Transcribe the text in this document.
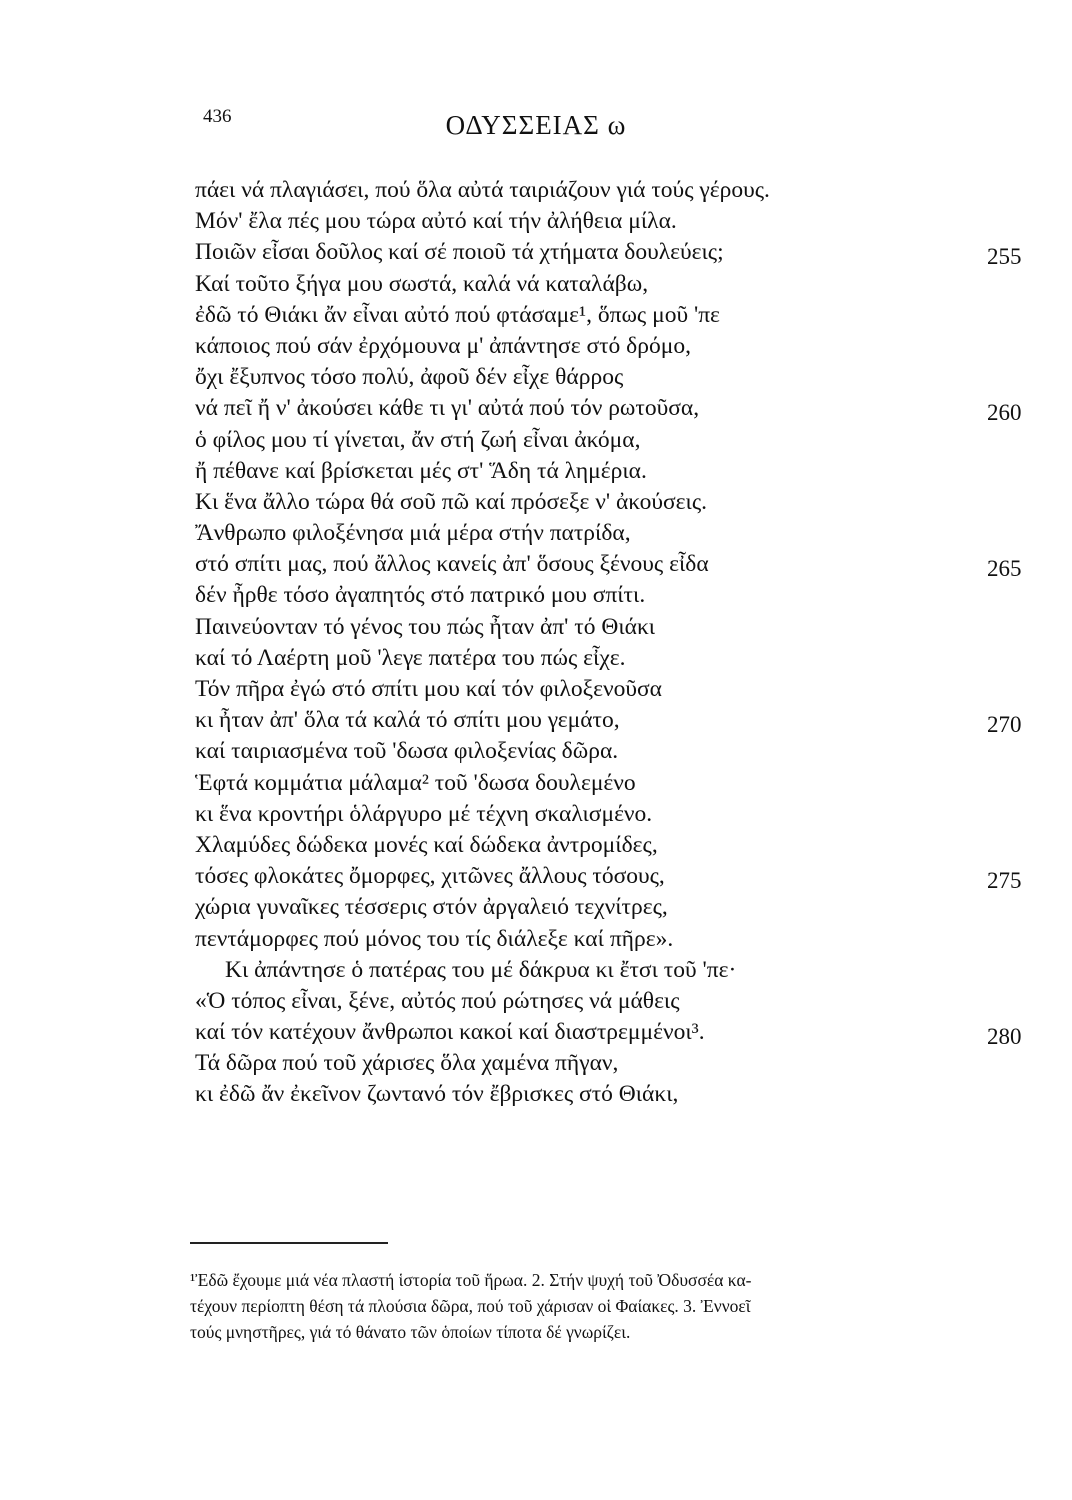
436	ΟΔΥΣΣΕΙΑΣ ω
πάει νά πλαγιάσει, πού ὅλα αὐτά ταιριάζουν γιά τούς γέρους.
Μόν' ἔλα πές μου τώρα αὐτό καί τήν ἀλήθεια μίλα.
Ποιῶν εἶσαι δοῦλος καί σέ ποιοῦ τά χτήματα δουλεύεις;	255
Καί τοῦτο ξήγα μου σωστά, καλά νά καταλάβω,
ἐδῶ τό Θιάκι ἄν εἶναι αὐτό πού φτάσαμε¹, ὅπως μοῦ 'πε
κάποιος πού σάν ἐρχόμουνα μ' ἀπάντησε στό δρόμο,
ὄχι ἔξυπνος τόσο πολύ, ἀφοῦ δέν εἶχε θάρρος
νά πεῖ ἤ ν' ἀκούσει κάθε τι γι' αὐτά πού τόν ρωτοῦσα,	260
ὁ φίλος μου τί γίνεται, ἄν στή ζωή εἶναι ἀκόμα,
ἤ πέθανε καί βρίσκεται μές στ' Ἅδη τά λημέρια.
Κι ἕνα ἄλλο τώρα θά σοῦ πῶ καί πρόσεξε ν' ἀκούσεις.
Ἄνθρωπο φιλοξένησα μιά μέρα στήν πατρίδα,
στό σπίτι μας, πού ἄλλος κανείς ἀπ' ὅσους ξένους εἶδα	265
δέν ἦρθε τόσο ἀγαπητός στό πατρικό μου σπίτι.
Παινεύονταν τό γένος του πώς ἦταν ἀπ' τό Θιάκι
καί τό Λαέρτη μοῦ 'λεγε πατέρα του πώς εἶχε.
Τόν πῆρα ἐγώ στό σπίτι μου καί τόν φιλοξενοῦσα
κι ἦταν ἀπ' ὅλα τά καλά τό σπίτι μου γεμάτο,	270
καί ταιριασμένα τοῦ 'δωσα φιλοξενίας δῶρα.
Ἑφτά κομμάτια μάλαμα² τοῦ 'δωσα δουλεμένο
κι ἕνα κροντήρι ὁλάργυρο μέ τέχνη σκαλισμένο.
Χλαμύδες δώδεκα μονές καί δώδεκα ἀντρομίδες,
τόσες φλοκάτες ὄμορφες, χιτῶνες ἄλλους τόσους,	275
χώρια γυναῖκες τέσσερις στόν ἀργαλειό τεχνίτρες,
πεντάμορφες πού μόνος του τίς διάλεξε καί πῆρε».
Κι ἀπάντησε ὁ πατέρας του μέ δάκρυα κι ἔτσι τοῦ 'πε·
«Ὁ τόπος εἶναι, ξένε, αὐτός πού ρώτησες νά μάθεις
καί τόν κατέχουν ἄνθρωποι κακοί καί διαστρεμμένοι³.	280
Τά δῶρα πού τοῦ χάρισες ὅλα χαμένα πῆγαν,
κι ἐδῶ ἄν ἐκεῖνον ζωντανό τόν ἔβρισκες στό Θιάκι,
¹Ἐδῶ ἔχουμε μιά νέα πλαστή ἱστορία τοῦ ἥρωα. 2. Στήν ψυχή τοῦ Ὀδυσσέα κα-
τέχουν περίοπτη θέση τά πλούσια δῶρα, πού τοῦ χάρισαν οἱ Φαίακες. 3. Ἐννοεῖ
τούς μνηστῆρες, γιά τό θάνατο τῶν ὁποίων τίποτα δέ γνωρίζει.
